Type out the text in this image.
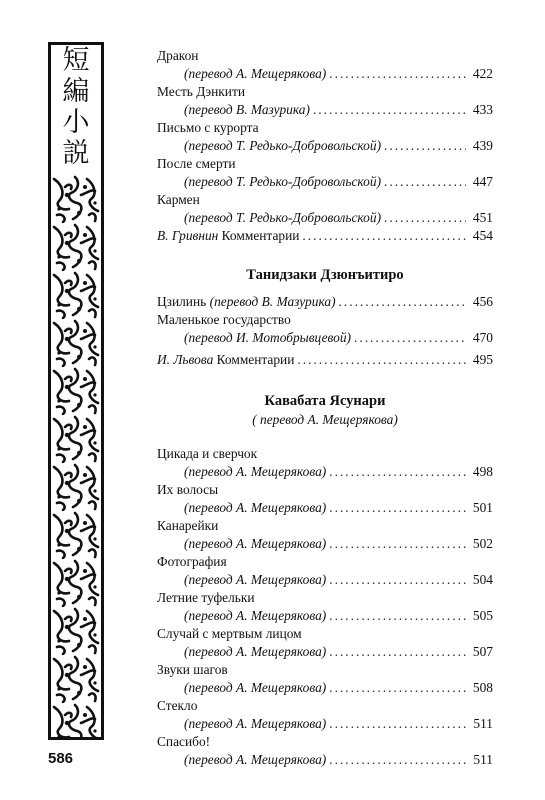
短
編
小
説
Дракон
(перевод А. Мещерякова) .....	422
Месть Дэнкити
(перевод В. Мазурика) .....	433
Письмо с курорта
(перевод Т. Редько-Добровольской) .....	439
После смерти
(перевод Т. Редько-Добровольской) .....	447
Кармен
(перевод Т. Редько-Добровольской) .....	451
В. Гривнин Комментарии .....	454
Танидзаки Дзюнъитиро
Цзилинь (перевод В. Мазурика) .....	456
Маленькое государство
(перевод И. Мотобрывцевой) .....	470
И. Львова Комментарии .....	495
Кавабата Ясунари
( перевод А. Мещерякова)
Цикада и сверчок
(перевод А. Мещерякова) .....	498
Их волосы
(перевод А. Мещерякова) .....	501
Канарейки
(перевод А. Мещерякова) .....	502
Фотография
(перевод А. Мещерякова) .....	504
Летние туфельки
(перевод А. Мещерякова) .....	505
Случай с мертвым лицом
(перевод А. Мещерякова) .....	507
Звуки шагов
(перевод А. Мещерякова) .....	508
Стекло
(перевод А. Мещерякова) .....	511
Спасибо!
(перевод А. Мещерякова) .....	511
586
